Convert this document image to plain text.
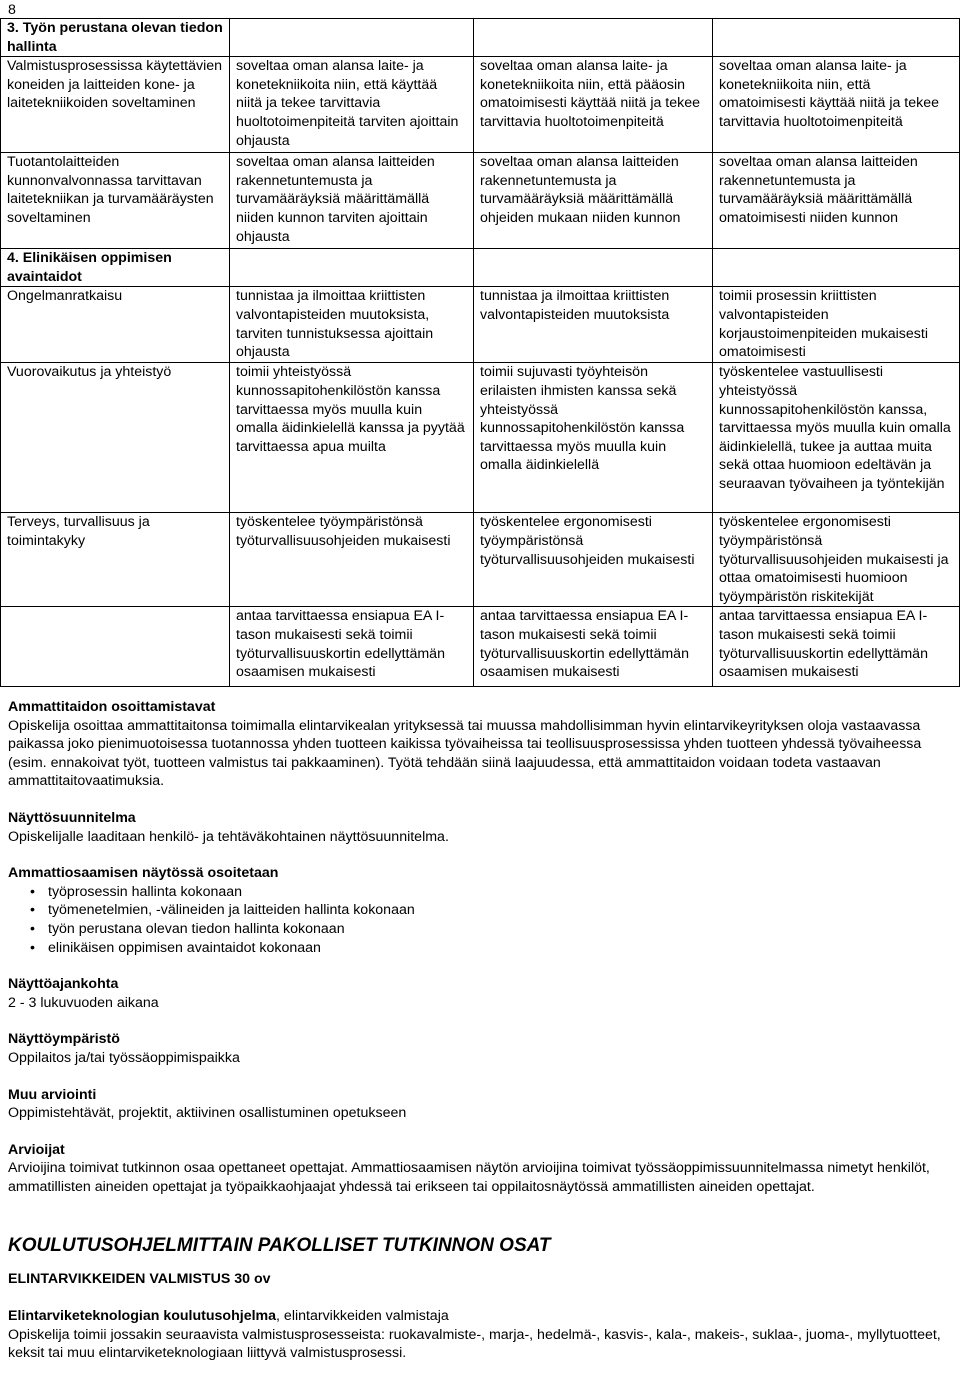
8
3. Työn perustana olevan tiedon hallinta			
Valmistusprosessissa käytettävien koneiden ja laitteiden kone- ja laitetekniikoiden soveltaminen	soveltaa oman alansa laite- ja konetekniikoita niin, että käyttää niitä ja tekee tarvittavia huoltotoimenpiteitä tarviten ajoittain ohjausta	soveltaa oman alansa laite- ja konetekniikoita niin, että pääosin omatoimisesti käyttää niitä ja tekee tarvittavia huoltotoimenpiteitä	soveltaa oman alansa laite- ja konetekniikoita niin, että omatoimisesti käyttää niitä ja tekee tarvittavia huoltotoimenpiteitä
Tuotantolaitteiden kunnonvalvonnassa tarvittavan laitetekniikan ja turvamääräysten soveltaminen	soveltaa oman alansa laitteiden rakennetuntemusta ja turvamääräyksiä määrittämällä niiden kunnon tarviten ajoittain ohjausta	soveltaa oman alansa laitteiden rakennetuntemusta ja turvamääräyksiä määrittämällä ohjeiden mukaan niiden kunnon	soveltaa oman alansa laitteiden rakennetuntemusta ja turvamääräyksiä määrittämällä omatoimisesti niiden kunnon
4. Elinikäisen oppimisen avaintaidot			
Ongelmanratkaisu	tunnistaa ja ilmoittaa kriittisten valvontapisteiden muutoksista, tarviten tunnistuksessa ajoittain ohjausta	tunnistaa ja ilmoittaa kriittisten valvontapisteiden muutoksista	toimii prosessin kriittisten valvontapisteiden korjaustoimenpiteiden mukaisesti omatoimisesti
Vuorovaikutus ja yhteistyö	toimii yhteistyössä kunnossapitohenkilöstön kanssa tarvittaessa myös muulla kuin omalla äidinkielellä kanssa ja pyytää tarvittaessa apua muilta	toimii sujuvasti työyhteisön erilaisten ihmisten kanssa sekä yhteistyössä kunnossapitohenkilöstön kanssa tarvittaessa myös muulla kuin omalla äidinkielellä	työskentelee vastuullisesti yhteistyössä kunnossapitohenkilöstön kanssa, tarvittaessa myös muulla kuin omalla äidinkielellä, tukee ja auttaa muita sekä ottaa huomioon edeltävän ja seuraavan työvaiheen ja työntekijän
Terveys, turvallisuus ja toimintakyky	työskentelee työympäristönsä työturvallisuusohjeiden mukaisesti	työskentelee ergonomisesti työympäristönsä työturvallisuusohjeiden mukaisesti	työskentelee ergonomisesti työympäristönsä työturvallisuusohjeiden mukaisesti ja ottaa omatoimisesti huomioon työympäristön riskitekijät
	antaa tarvittaessa ensiapua EA I-tason mukaisesti sekä toimii työturvallisuuskortin edellyttämän osaamisen mukaisesti	antaa tarvittaessa ensiapua EA I-tason mukaisesti sekä toimii työturvallisuuskortin edellyttämän osaamisen mukaisesti	antaa tarvittaessa ensiapua EA I-tason mukaisesti sekä toimii työturvallisuuskortin edellyttämän osaamisen mukaisesti

Ammattitaidon osoittamistavat

Opiskelija osoittaa ammattitaitonsa toimimalla elintarvikealan yrityksessä tai muussa mahdollisimman hyvin elintarvikeyrityksen oloja vastaavassa paikassa joko pienimuotoisessa tuotannossa yhden tuotteen kaikissa työvaiheissa tai teollisuusprosessissa yhden tuotteen yhdessä työvaiheessa (esim. ennakoivat työt, tuotteen valmistus tai pakkaaminen). Työtä tehdään siinä laajuudessa, että ammattitaidon voidaan todeta vastaavan ammattitaitovaatimuksia.

Näyttösuunnitelma

Opiskelijalle laaditaan henkilö- ja tehtäväkohtainen näyttösuunnitelma.

Ammattiosaamisen näytössä osoitetaan

• työprosessin hallinta kokonaan
• työmenetelmien, -välineiden ja laitteiden hallinta kokonaan
• työn perustana olevan tiedon hallinta kokonaan
• elinikäisen oppimisen avaintaidot kokonaan

Näyttöajankohta

2 - 3 lukuvuoden aikana

Näyttöympäristö

Oppilaitos ja/tai työssäoppimispaikka

Muu arviointi

Oppimistehtävät, projektit, aktiivinen osallistuminen opetukseen

Arvioijat

Arvioijina toimivat tutkinnon osaa opettaneet opettajat. Ammattiosaamisen näytön arvioijina toimivat työssäoppimissuunnitelmassa nimetyt henkilöt, ammatillisten aineiden opettajat ja työpaikkaohjaajat yhdessä tai erikseen tai oppilaitosnäytössä ammatillisten aineiden opettajat.

KOULUTUSOHJELMITTAIN PAKOLLISET TUTKINNON OSAT

ELINTARVIKKEIDEN VALMISTUS 30 ov

Elintarviketeknologian koulutusohjelma, elintarvikkeiden valmistaja

Opiskelija toimii jossakin seuraavista valmistusprosesseista: ruokavalmiste-, marja-, hedelmä-, kasvis-, kala-, makeis-, suklaa-, juoma-, myllytuotteet, keksit tai muu elintarviketeknologiaan liittyvä valmistusprosessi.
